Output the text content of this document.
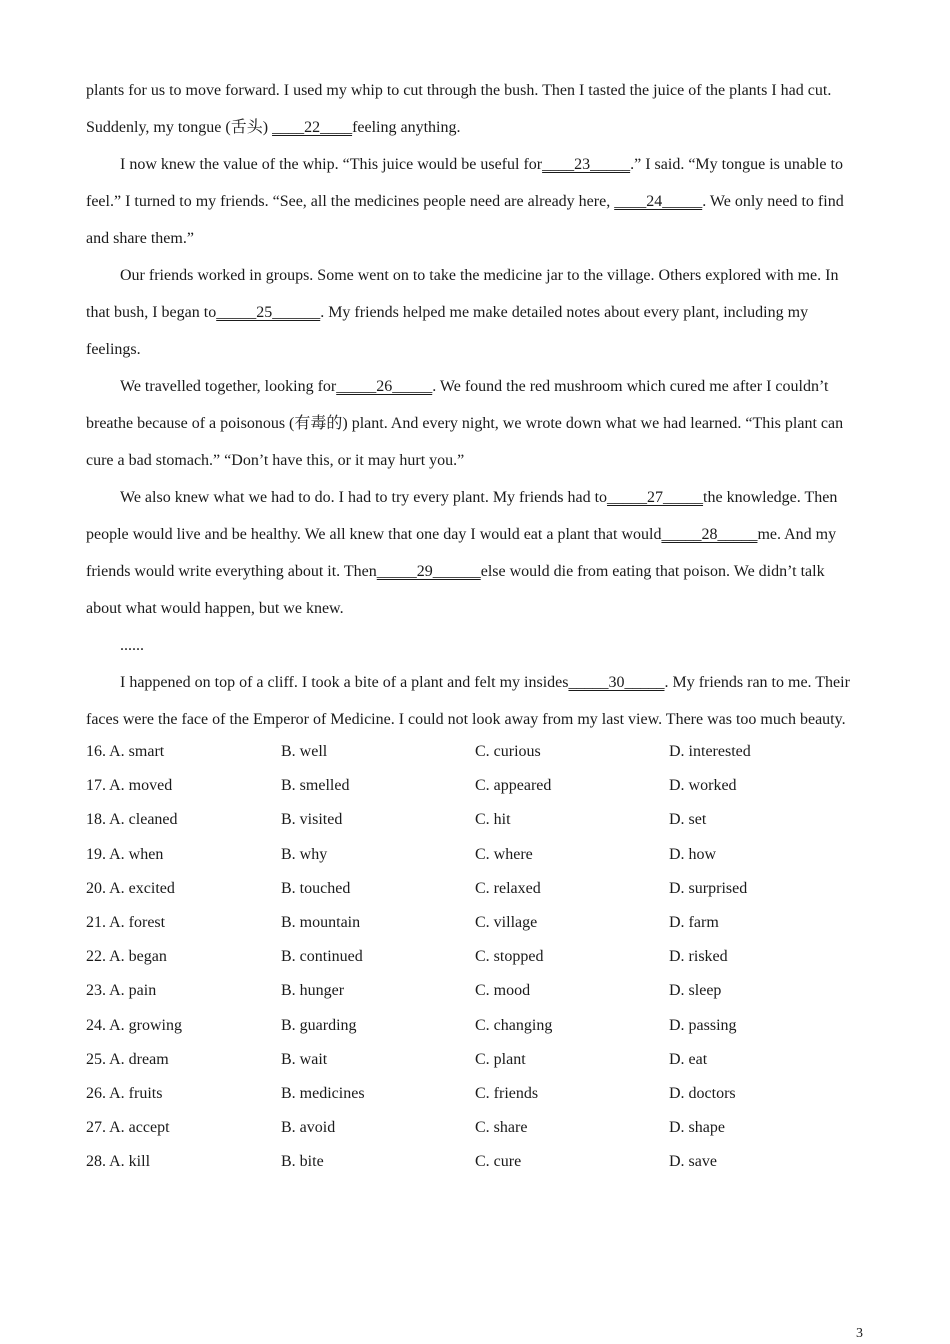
plants for us to move forward. I used my whip to cut through the bush. Then I tasted the juice of the plants I had cut. Suddenly, my tongue (舌头) ____22____feeling anything.

I now knew the value of the whip. “This juice would be useful for____23_____.” I said. “My tongue is unable to feel.” I turned to my friends. “See, all the medicines people need are already here, ____24_____. We only need to find and share them.”

Our friends worked in groups. Some went on to take the medicine jar to the village. Others explored with me. In that bush, I began to_____25______. My friends helped me make detailed notes about every plant, including my feelings.

We travelled together, looking for_____26_____. We found the red mushroom which cured me after I couldn’t breathe because of a poisonous (有毒的) plant. And every night, we wrote down what we had learned. “This plant can cure a bad stomach.” “Don’t have this, or it may hurt you.”

We also knew what we had to do. I had to try every plant. My friends had to_____27_____the knowledge. Then people would live and be healthy. We all knew that one day I would eat a plant that would_____28_____me. And my friends would write everything about it. Then_____29______else would die from eating that poison. We didn’t talk about what would happen, but we knew.

......

I happened on top of a cliff. I took a bite of a plant and felt my insides_____30_____. My friends ran to me. Their faces were the face of the Emperor of Medicine. I could not look away from my last view. There was too much beauty.

16. A. smart	B. well	C. curious	D. interested
17. A. moved	B. smelled	C. appeared	D. worked
18. A. cleaned	B. visited	C. hit	D. set
19. A. when	B. why	C. where	D. how
20. A. excited	B. touched	C. relaxed	D. surprised
21. A. forest	B. mountain	C. village	D. farm
22. A. began	B. continued	C. stopped	D. risked
23. A. pain	B. hunger	C. mood	D. sleep
24. A. growing	B. guarding	C. changing	D. passing
25. A. dream	B. wait	C. plant	D. eat
26. A. fruits	B. medicines	C. friends	D. doctors
27. A. accept	B. avoid	C. share	D. shape
28. A. kill	B. bite	C. cure	D. save
3
